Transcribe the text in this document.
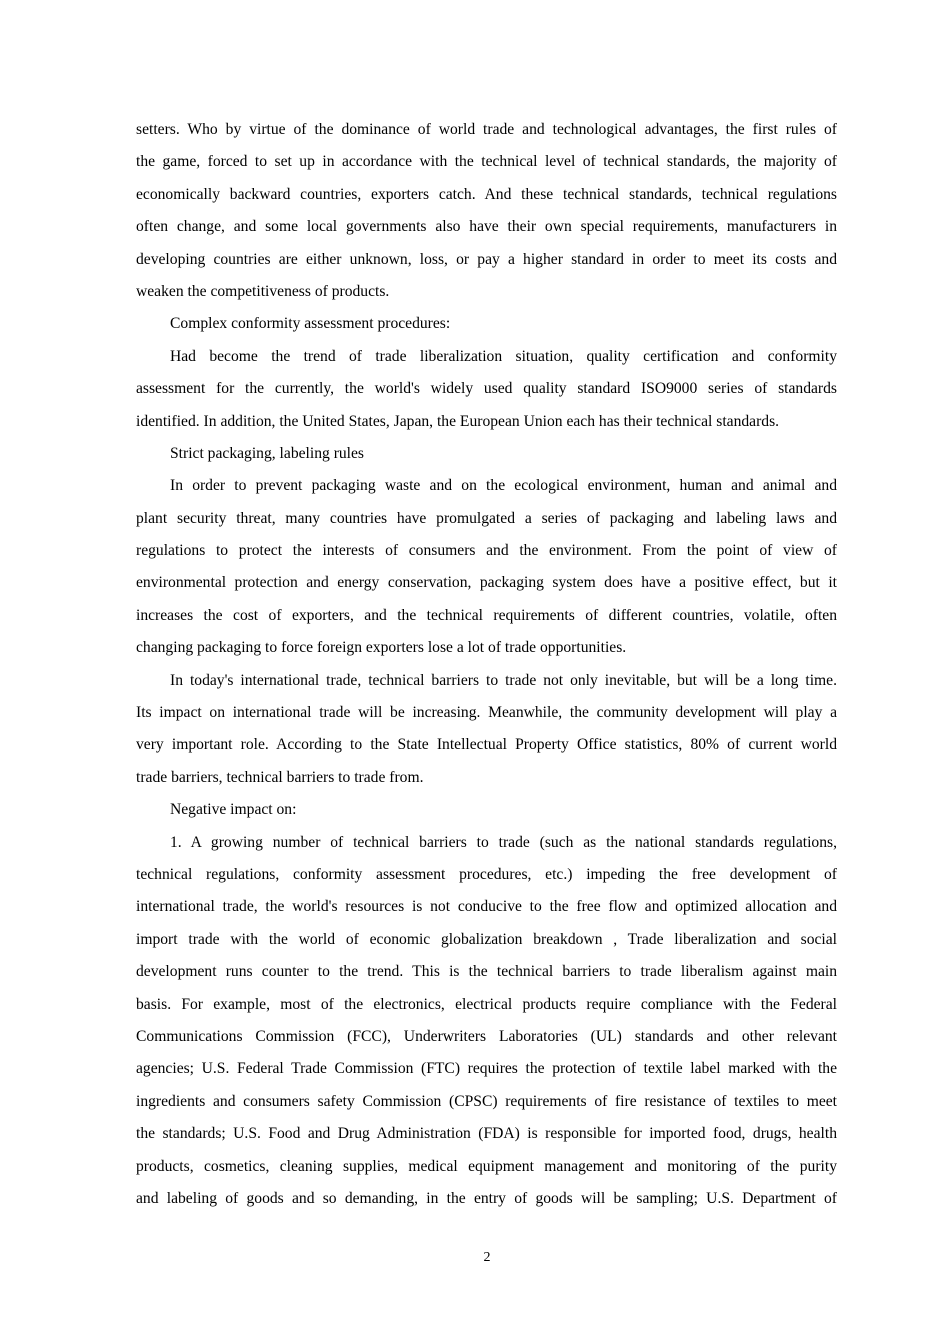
setters. Who by virtue of the dominance of world trade and technological advantages, the first rules of
the game, forced to set up in accordance with the technical level of technical standards, the majority of
economically backward countries, exporters catch. And these technical standards, technical regulations
often change, and some local governments also have their own special requirements, manufacturers in
developing countries are either unknown, loss, or pay a higher standard in order to meet its costs and
weaken the competitiveness of products.
Complex conformity assessment procedures:
Had become the trend of trade liberalization situation, quality certification and conformity
assessment for the currently, the world's widely used quality standard ISO9000 series of standards
identified. In addition, the United States, Japan, the European Union each has their technical standards.
Strict packaging, labeling rules
In order to prevent packaging waste and on the ecological environment, human and animal and
plant security threat, many countries have promulgated a series of packaging and labeling laws and
regulations to protect the interests of consumers and the environment. From the point of view of
environmental protection and energy conservation, packaging system does have a positive effect, but it
increases the cost of exporters, and the technical requirements of different countries, volatile, often
changing packaging to force foreign exporters lose a lot of trade opportunities.
In today's international trade, technical barriers to trade not only inevitable, but will be a long time.
Its impact on international trade will be increasing. Meanwhile, the community development will play a
very important role. According to the State Intellectual Property Office statistics, 80% of current world
trade barriers, technical barriers to trade from.
Negative impact on:
1. A growing number of technical barriers to trade (such as the national standards regulations,
technical regulations, conformity assessment procedures, etc.) impeding the free development of
international trade, the world's resources is not conducive to the free flow and optimized allocation and
import trade with the world of economic globalization breakdown , Trade liberalization and social
development runs counter to the trend. This is the technical barriers to trade liberalism against main
basis. For example, most of the electronics, electrical products require compliance with the Federal
Communications Commission (FCC), Underwriters Laboratories (UL) standards and other relevant
agencies; U.S. Federal Trade Commission (FTC) requires the protection of textile label marked with the
ingredients and consumers safety Commission (CPSC) requirements of fire resistance of textiles to meet
the standards; U.S. Food and Drug Administration (FDA) is responsible for imported food, drugs, health
products, cosmetics, cleaning supplies, medical equipment management and monitoring of the purity
and labeling of goods and so demanding, in the entry of goods will be sampling; U.S. Department of
2
